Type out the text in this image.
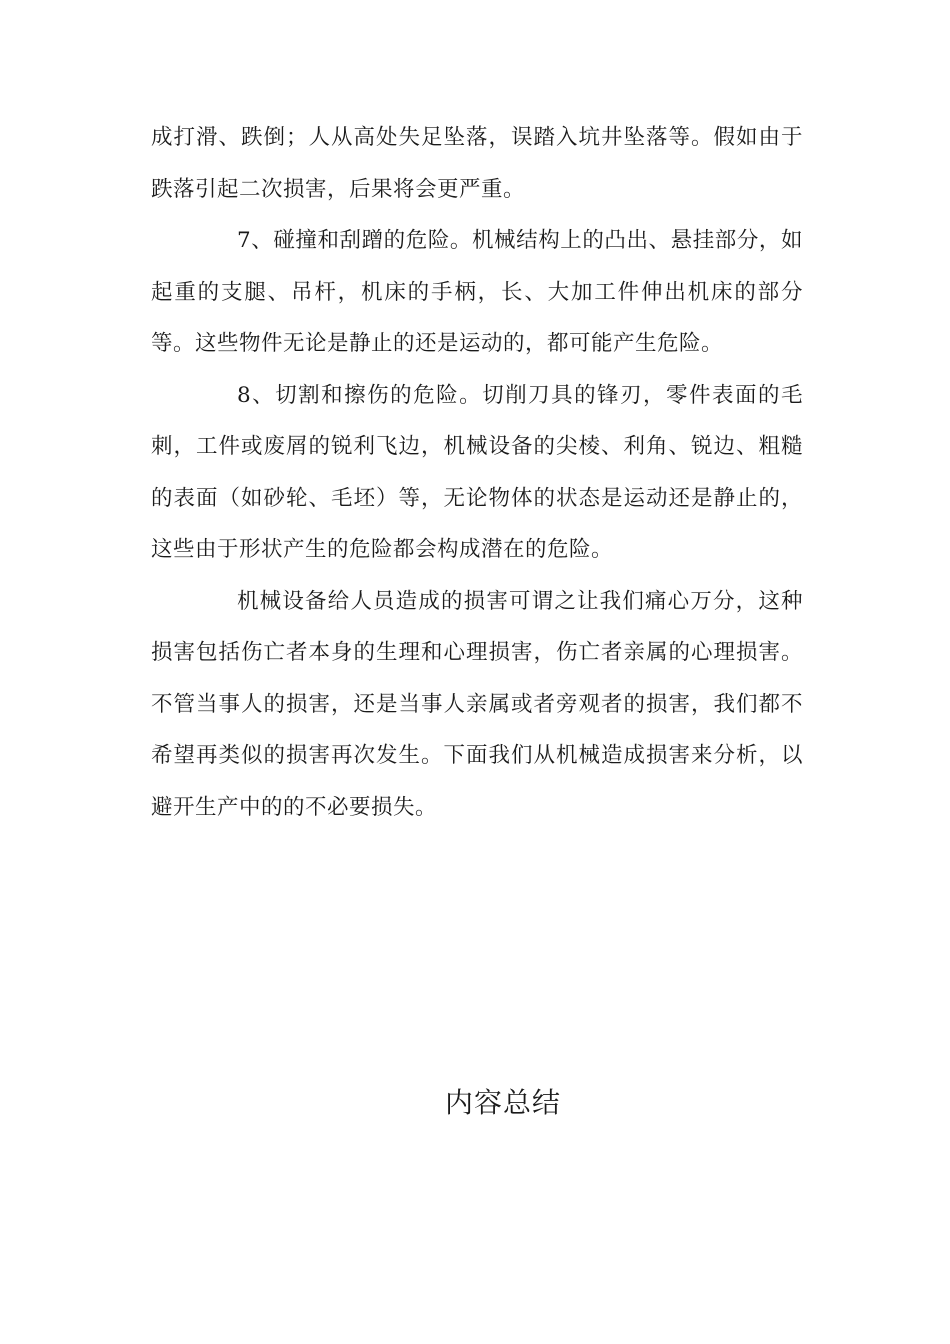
成打滑、跌倒；人从高处失足坠落，误踏入坑井坠落等。假如由于跌落引起二次损害，后果将会更严重。

7、碰撞和刮蹭的危险。机械结构上的凸出、悬挂部分，如起重的支腿、吊杆，机床的手柄，长、大加工件伸出机床的部分等。这些物件无论是静止的还是运动的，都可能产生危险。

8、切割和擦伤的危险。切削刀具的锋刃，零件表面的毛刺，工件或废屑的锐利飞边，机械设备的尖棱、利角、锐边、粗糙的表面（如砂轮、毛坯）等，无论物体的状态是运动还是静止的，这些由于形状产生的危险都会构成潜在的危险。

机械设备给人员造成的损害可谓之让我们痛心万分，这种损害包括伤亡者本身的生理和心理损害，伤亡者亲属的心理损害。不管当事人的损害，还是当事人亲属或者旁观者的损害，我们都不希望再类似的损害再次发生。下面我们从机械造成损害来分析，以避开生产中的的不必要损失。

内容总结
